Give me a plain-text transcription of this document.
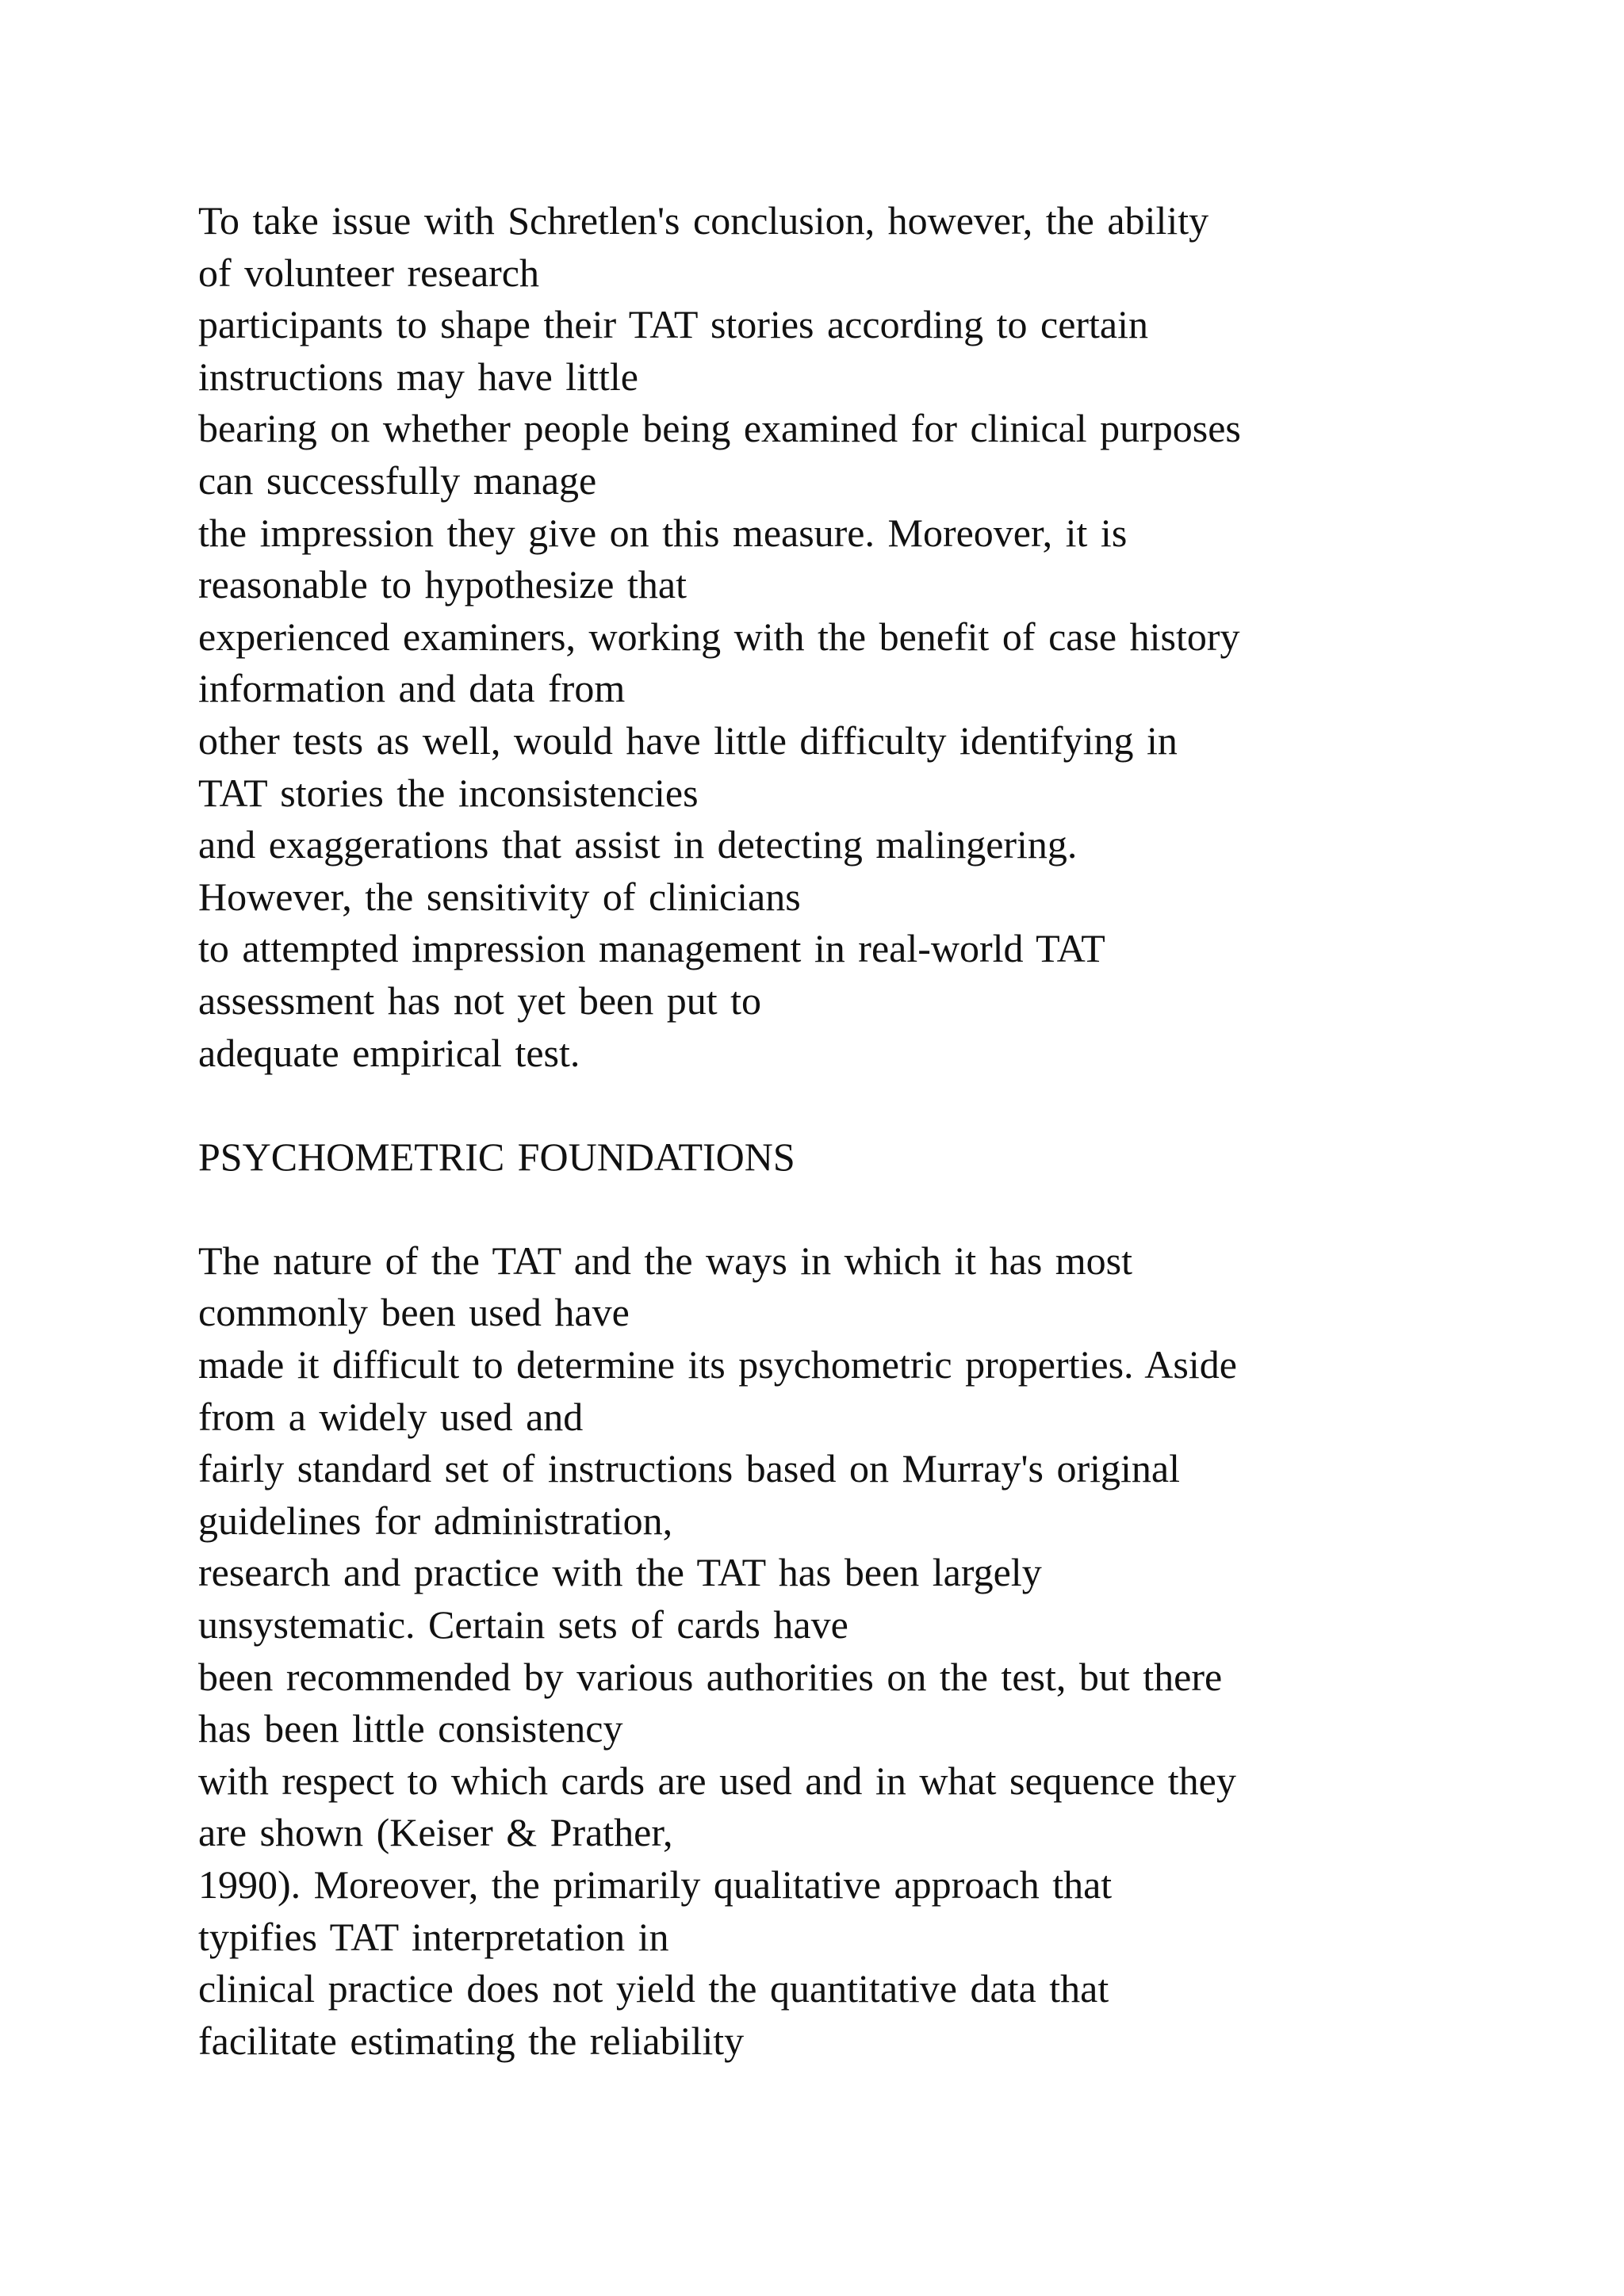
To take issue with Schretlen's conclusion, however, the ability
of volunteer research
participants to shape their TAT stories according to certain
instructions may have little
bearing on whether people being examined for clinical purposes
can successfully manage
the impression they give on this measure. Moreover, it is
reasonable to hypothesize that
experienced examiners, working with the benefit of case history
information and data from
other tests as well, would have little difficulty identifying in
TAT stories the inconsistencies
and exaggerations that assist in detecting malingering.
However, the sensitivity of clinicians
to attempted impression management in real-world TAT
assessment has not yet been put to
adequate empirical test.
PSYCHOMETRIC FOUNDATIONS
The nature of the TAT and the ways in which it has most
commonly been used have
made it difficult to determine its psychometric properties. Aside
from a widely used and
fairly standard set of instructions based on Murray's original
guidelines for administration,
research and practice with the TAT has been largely
unsystematic. Certain sets of cards have
been recommended by various authorities on the test, but there
has been little consistency
with respect to which cards are used and in what sequence they
are shown (Keiser & Prather,
1990). Moreover, the primarily qualitative approach that
typifies TAT interpretation in
clinical practice does not yield the quantitative data that
facilitate estimating the reliability
